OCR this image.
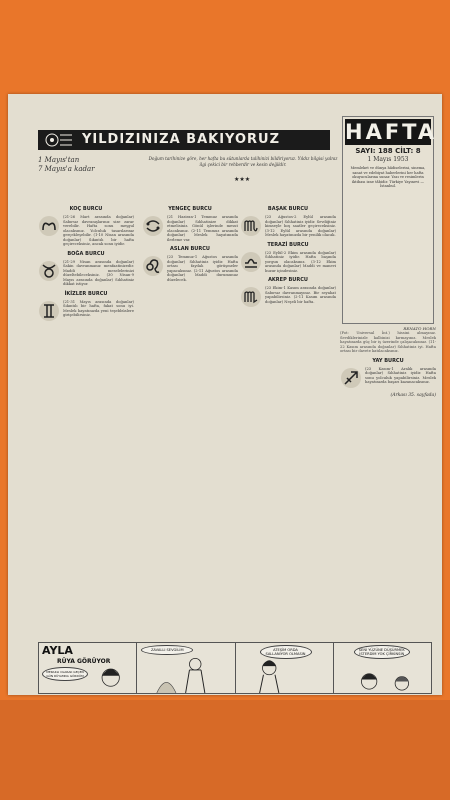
YILDIZINIZA BAKIYORUZ
1 Mayıs'tan
7 Mayıs'a kadar
Doğum tarihinize göre, her hafta bu sütunlarda talihinizi bildiriyoruz. Yıldız bilgisi yalnız ilgi çekici bir rehberdir ve kesin değildir.
★★★
HAFTA
SAYI: 188 CİLT: 8
1 Mayıs 1953
Memleket ve dünya hâdiselerini, sinema, sanat ve edebiyat haberlerini her hafta okuyucularına sunar. Yazı ve resimlerin iktibası izne tâbidir. Türkiye Yayınevi — İstanbul.
KOÇ BURCU
(21-26 Mart arasında doğanlar) Sabırsız davranışlarınız size zarar verebilir. Hafta sonu meşgul olacaksınız. Yolculuk tasarılarınız gerçekleşebilir. (1-10 Nisan arasında doğanlar) Sıkıntılı bir hafta geçireceksiniz, ancak sonu iyidir.
BOĞA BURCU
(21-29 Nisan arasında doğanlar) Sakin davranmanız menfaatinizedir. Maddi meselelerinizi düzeltebileceksiniz. (30 Nisan-9 Mayıs arasında doğanlar) Sıhhatiniz dikkat istiyor.
İKİZLER BURCU
(21-31 Mayıs arasında doğanlar) Sıkıntılı bir hafta, fakat sonu iyi. Meslek hayatınızda yeni teşebbüslere girişebilirsiniz.
YENGEÇ BURCU
(21 Haziran-1 Temmuz arasında doğanlar) Sıhhatinize dikkat etmelisiniz. Gönül işlerinde mesut olacaksınız. (2-11 Temmuz arasında doğanlar) Meslek hayatınızda ilerleme var.
ASLAN BURCU
(23 Temmuz-1 Ağustos arasında doğanlar) Sıhhatiniz iyidir. Hafta ortası faydalı görüşmeler yapacaksınız. (2-11 Ağustos arasında doğanlar) Maddi durumunuz düzelecek.
BAŞAK BURCU
(23 Ağustos-2 Eylül arasında doğanlar) Sıhhatiniz iyidir. Sevdiğiniz kimseyle hoş saatler geçireceksiniz. (3-12 Eylül arasında doğanlar) Meslek hayatınızda bir yenilik olacak.
TERAZİ BURCU
(23 Eylül-2 Ekim arasında doğanlar) Sıhhatiniz iyidir. Hafta başında yorgun olacaksınız. (3-12 Ekim arasında doğanlar) Maddi ve manevi huzur içindesiniz.
AKREP BURCU
(23 Ekim-1 Kasım arasında doğanlar) Sabırsız davranmayınız. Bir seyahat yapabilirsiniz. (2-11 Kasım arasında doğanlar) Neşeli bir hafta.
RENATO HORN
(Fot: Universal İnt.) hissini almayınız. Sevdiklerinizle kalbinizi kırmayınız. Meslek hayatınızda güç bir iş üzerinde çalışacaksınız. (11-22 Kasım arasında doğanlar) Sıhhatiniz iyi. Hafta ortası bir davete katılacaksınız.
YAY BURCU
(23 Kasım-1 Aralık arasında doğanlar) Sıhhatiniz iyidir. Hafta sonu yolculuk yapabilirsiniz. Meslek hayatınızda başarı kazanacaksınız.
(Arkası 35. sayfada)
AYLA
RÜYA GÖRÜYOR
MERAKLI OLARAK GEÇEN GÜN RÜYAMDA GÖRDÜM
ZAVALLI SEVGİLİM	ATEŞİM ORDA SALLANIYOR OLMASIN
SENİ YÜZÜNE DÜŞÜRMEK İSTERDİM YOK ÇİRKİNSİN
